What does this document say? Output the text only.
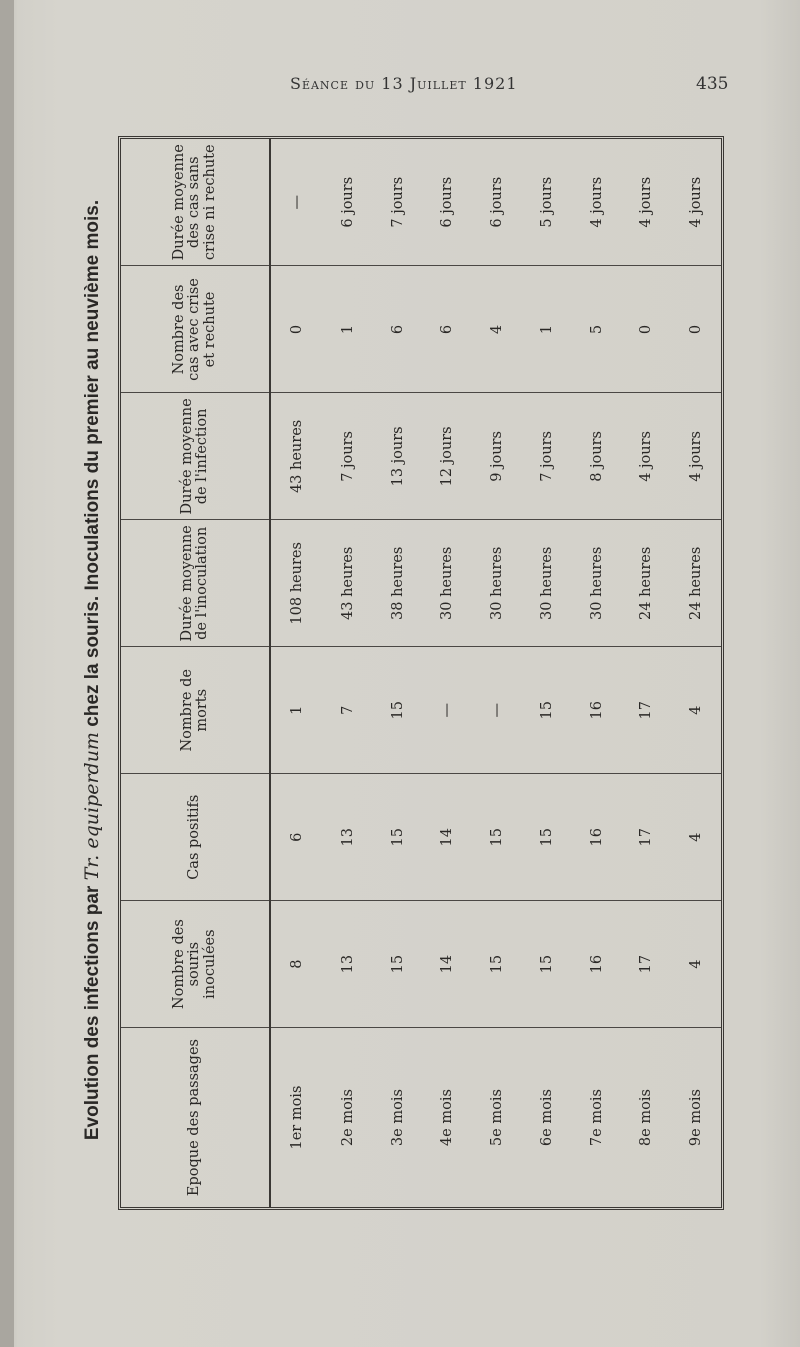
Séance du 13 Juillet 1921	435
Evolution des infections par Tr. equiperdum chez la souris. Inoculations du premier au neuvième mois.
Epoque des passages	Nombre des souris inoculées	Cas positifs	Nombre de morts	Durée moyenne de l'inoculation	Durée moyenne de l'infection	Nombre des cas avec crise et rechute	Durée moyenne des cas sans crise ni rechute
1er mois	8	6	1	108 heures	43 heures	0	—
2e mois	13	13	7	43 heures	7 jours	1	6 jours
3e mois	15	15	15	38 heures	13 jours	6	7 jours
4e mois	14	14	—	30 heures	12 jours	6	6 jours
5e mois	15	15	—	30 heures	9 jours	4	6 jours
6e mois	15	15	15	30 heures	7 jours	1	5 jours
7e mois	16	16	16	30 heures	8 jours	5	4 jours
8e mois	17	17	17	24 heures	4 jours	0	4 jours
9e mois	4	4	4	24 heures	4 jours	0	4 jours
